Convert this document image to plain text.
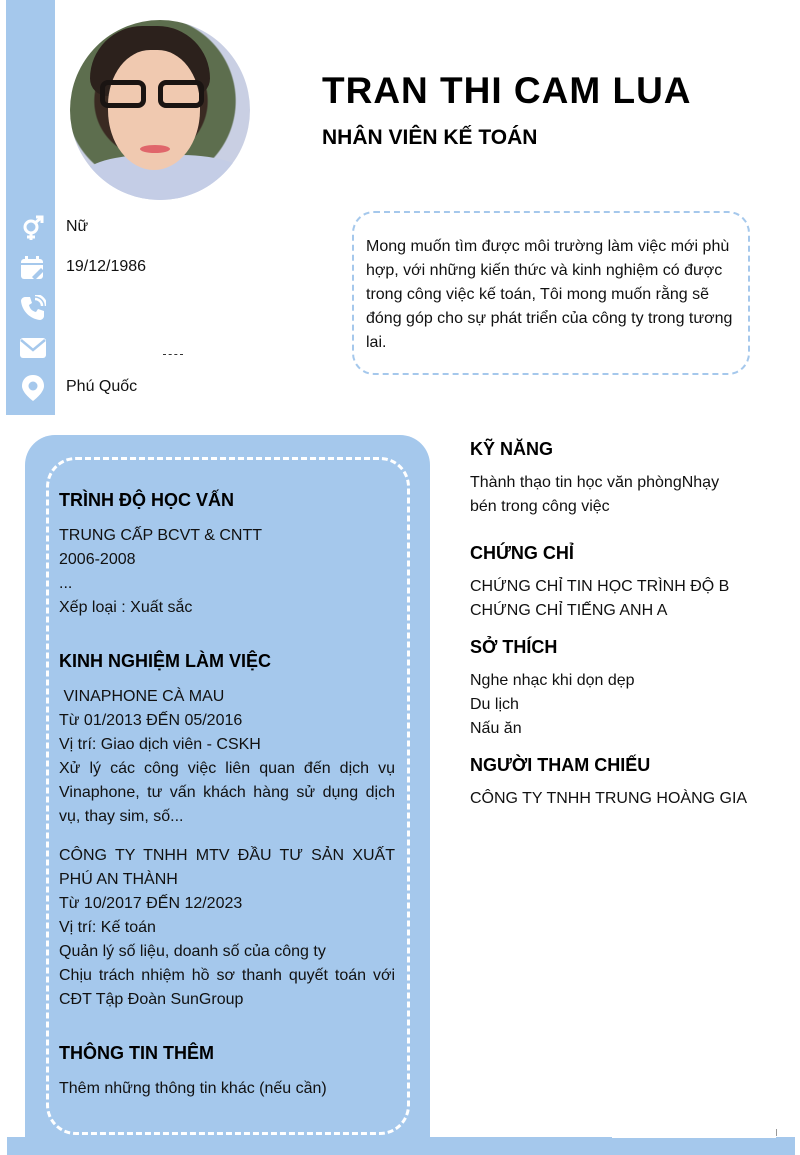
TRAN THI CAM LUA
NHÂN VIÊN KẾ TOÁN
Nữ
19/12/1986
Phú Quốc
Mong muốn tìm được môi trường làm việc mới phù hợp, với những kiến thức và kinh nghiệm có được trong công việc kế toán, Tôi mong muốn rằng sẽ đóng góp cho sự phát triển của công ty trong tương lai.
TRÌNH ĐỘ HỌC VẤN
TRUNG CẤP BCVT & CNTT
2006-2008
...
Xếp loại : Xuất sắc
KINH NGHIỆM LÀM VIỆC
VINAPHONE CÀ MAU
Từ 01/2013 ĐẾN 05/2016
Vị trí: Giao dịch viên - CSKH
Xử lý các công việc liên quan đến dịch vụ Vinaphone, tư vấn khách hàng sử dụng dịch vụ, thay sim, số...
CÔNG TY TNHH MTV ĐẦU TƯ SẢN XUẤT PHÚ AN THÀNH
Từ 10/2017 ĐẾN 12/2023
Vị trí: Kế toán
Quản lý số liệu, doanh số của công ty
Chịu trách nhiệm hồ sơ thanh quyết toán với CĐT Tập Đoàn SunGroup
THÔNG TIN THÊM
Thêm những thông tin khác (nếu cần)
KỸ NĂNG
Thành thạo tin học văn phòngNhạy bén trong công việc
CHỨNG CHỈ
CHỨNG CHỈ TIN HỌC TRÌNH ĐỘ B
CHỨNG CHỈ TIẾNG ANH A
SỞ THÍCH
Nghe nhạc khi dọn dẹp
Du lịch
Nấu ăn
NGƯỜI THAM CHIẾU
CÔNG TY TNHH TRUNG HOÀNG GIA
